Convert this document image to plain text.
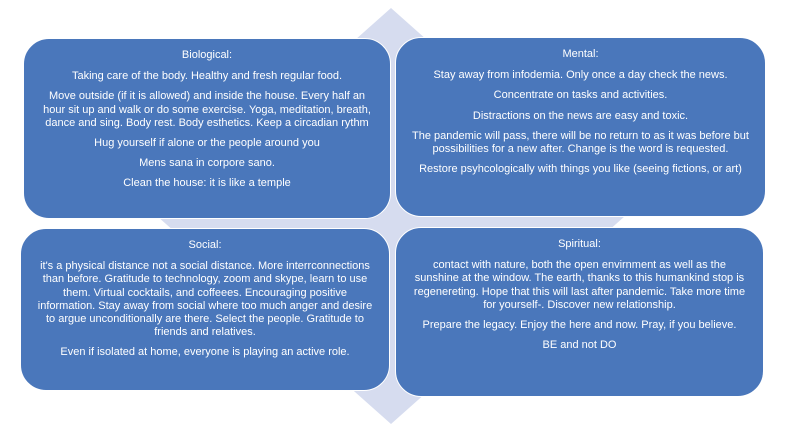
Biological:

Taking care of the body. Healthy and fresh regular food.

Move outside (if it is allowed) and inside the house. Every half an hour sit up and walk or do some exercise. Yoga, meditation, breath, dance and sing. Body rest. Body esthetics. Keep a circadian rythm

Hug yourself if alone or the people around you

Mens sana in corpore sano.

Clean the house: it is like a temple

Mental:

Stay away from infodemia. Only once a day check the news.

Concentrate on tasks and activities.

Distractions on the news are easy and toxic.

The pandemic will pass, there will be no return to as it was before but possibilities for a new after. Change is the word is requested.

Restore psyhcologically with things you like (seeing fictions, or art)

Social:

it's a physical distance not a social distance. More interrconnections than before. Gratitude to technology, zoom and skype, learn to use them. Virtual cocktails, and coffeees. Encouraging positive information. Stay away from social where too much anger and desire to argue unconditionally are there. Select the people. Gratitude to friends and relatives.

Even if isolated at home, everyone is playing an active role.

Spiritual:

contact with nature, both the open envirnment as well as the sunshine at the window. The earth, thanks to this humankind stop is regenereting. Hope that this will last after pandemic. Take more time for yourself-. Discover new relationship.

Prepare the legacy. Enjoy the here and now. Pray, if you believe.

BE and not DO
